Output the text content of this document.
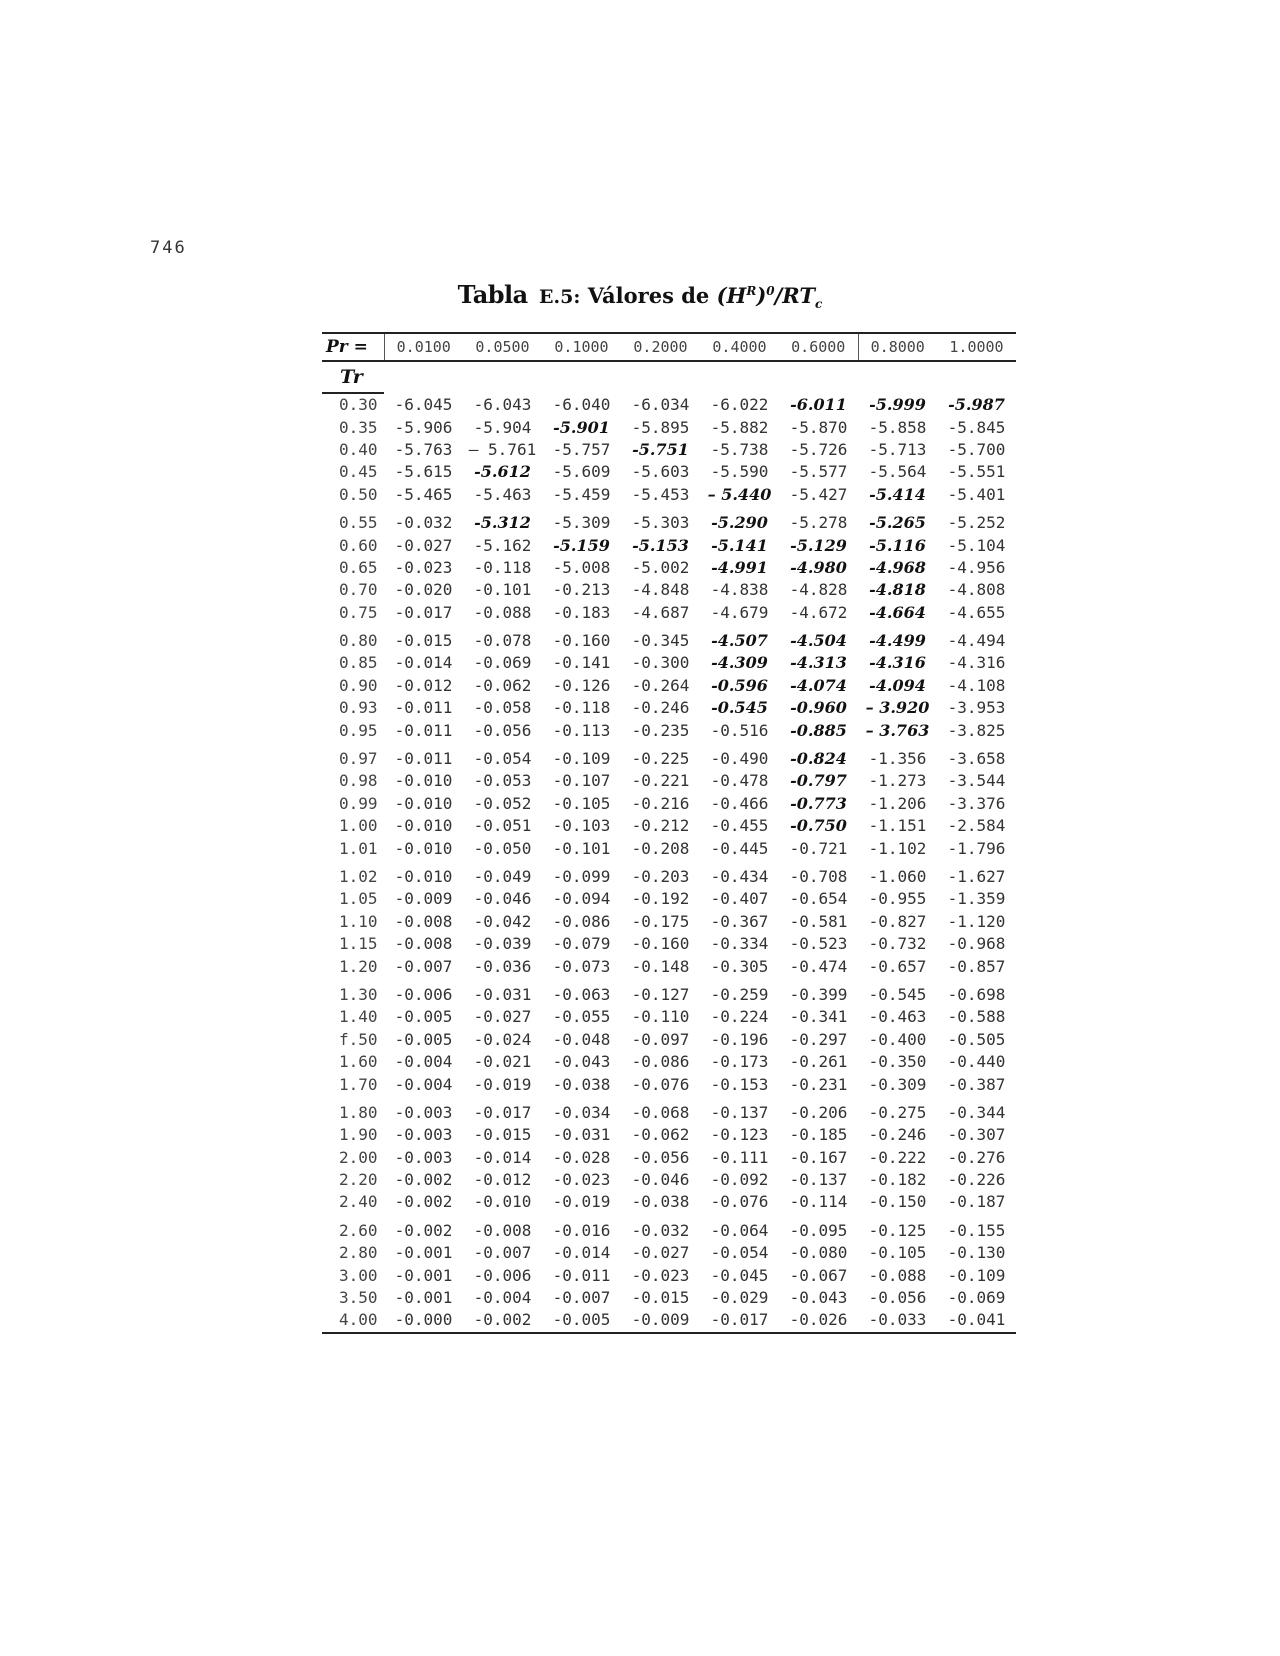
746
Tabla E.5: Válores de $(H^R)^0/RT_c$
Pr =	0.0100	0.0500	0.1000	0.2000	0.4000	0.6000	0.8000	1.0000
Tr								
0.30	-6.045	-6.043	-6.040	-6.034	-6.022	-6.011	-5.999	-5.987
0.35	-5.906	-5.904	-5.901	-5.895	-5.882	-5.870	-5.858	-5.845
0.40	-5.763	– 5.761	-5.757	-5.751	-5.738	-5.726	-5.713	-5.700
0.45	-5.615	-5.612	-5.609	-5.603	-5.590	-5.577	-5.564	-5.551
0.50	-5.465	-5.463	-5.459	-5.453	– 5.440	-5.427	-5.414	-5.401
0.55	-0.032	-5.312	-5.309	-5.303	-5.290	-5.278	-5.265	-5.252
0.60	-0.027	-5.162	-5.159	-5.153	-5.141	-5.129	-5.116	-5.104
0.65	-0.023	-0.118	-5.008	-5.002	-4.991	-4.980	-4.968	-4.956
0.70	-0.020	-0.101	-0.213	-4.848	-4.838	-4.828	-4.818	-4.808
0.75	-0.017	-0.088	-0.183	-4.687	-4.679	-4.672	-4.664	-4.655
0.80	-0.015	-0.078	-0.160	-0.345	-4.507	-4.504	-4.499	-4.494
0.85	-0.014	-0.069	-0.141	-0.300	-4.309	-4.313	-4.316	-4.316
0.90	-0.012	-0.062	-0.126	-0.264	-0.596	-4.074	-4.094	-4.108
0.93	-0.011	-0.058	-0.118	-0.246	-0.545	-0.960	– 3.920	-3.953
0.95	-0.011	-0.056	-0.113	-0.235	-0.516	-0.885	– 3.763	-3.825
0.97	-0.011	-0.054	-0.109	-0.225	-0.490	-0.824	-1.356	-3.658
0.98	-0.010	-0.053	-0.107	-0.221	-0.478	-0.797	-1.273	-3.544
0.99	-0.010	-0.052	-0.105	-0.216	-0.466	-0.773	-1.206	-3.376
1.00	-0.010	-0.051	-0.103	-0.212	-0.455	-0.750	-1.151	-2.584
1.01	-0.010	-0.050	-0.101	-0.208	-0.445	-0.721	-1.102	-1.796
1.02	-0.010	-0.049	-0.099	-0.203	-0.434	-0.708	-1.060	-1.627
1.05	-0.009	-0.046	-0.094	-0.192	-0.407	-0.654	-0.955	-1.359
1.10	-0.008	-0.042	-0.086	-0.175	-0.367	-0.581	-0.827	-1.120
1.15	-0.008	-0.039	-0.079	-0.160	-0.334	-0.523	-0.732	-0.968
1.20	-0.007	-0.036	-0.073	-0.148	-0.305	-0.474	-0.657	-0.857
1.30	-0.006	-0.031	-0.063	-0.127	-0.259	-0.399	-0.545	-0.698
1.40	-0.005	-0.027	-0.055	-0.110	-0.224	-0.341	-0.463	-0.588
f.50	-0.005	-0.024	-0.048	-0.097	-0.196	-0.297	-0.400	-0.505
1.60	-0.004	-0.021	-0.043	-0.086	-0.173	-0.261	-0.350	-0.440
1.70	-0.004	-0.019	-0.038	-0.076	-0.153	-0.231	-0.309	-0.387
1.80	-0.003	-0.017	-0.034	-0.068	-0.137	-0.206	-0.275	-0.344
1.90	-0.003	-0.015	-0.031	-0.062	-0.123	-0.185	-0.246	-0.307
2.00	-0.003	-0.014	-0.028	-0.056	-0.111	-0.167	-0.222	-0.276
2.20	-0.002	-0.012	-0.023	-0.046	-0.092	-0.137	-0.182	-0.226
2.40	-0.002	-0.010	-0.019	-0.038	-0.076	-0.114	-0.150	-0.187
2.60	-0.002	-0.008	-0.016	-0.032	-0.064	-0.095	-0.125	-0.155
2.80	-0.001	-0.007	-0.014	-0.027	-0.054	-0.080	-0.105	-0.130
3.00	-0.001	-0.006	-0.011	-0.023	-0.045	-0.067	-0.088	-0.109
3.50	-0.001	-0.004	-0.007	-0.015	-0.029	-0.043	-0.056	-0.069
4.00	-0.000	-0.002	-0.005	-0.009	-0.017	-0.026	-0.033	-0.041
